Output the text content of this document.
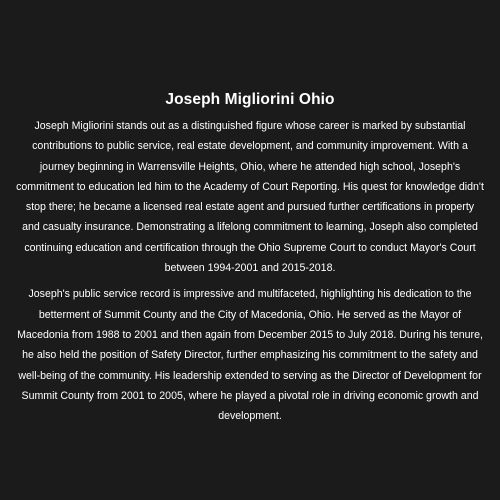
Joseph Migliorini Ohio

Joseph Migliorini stands out as a distinguished figure whose career is marked by substantial contributions to public service, real estate development, and community improvement. With a journey beginning in Warrensville Heights, Ohio, where he attended high school, Joseph's commitment to education led him to the Academy of Court Reporting. His quest for knowledge didn't stop there; he became a licensed real estate agent and pursued further certifications in property and casualty insurance. Demonstrating a lifelong commitment to learning, Joseph also completed continuing education and certification through the Ohio Supreme Court to conduct Mayor's Court between 1994-2001 and 2015-2018.

Joseph's public service record is impressive and multifaceted, highlighting his dedication to the betterment of Summit County and the City of Macedonia, Ohio. He served as the Mayor of Macedonia from 1988 to 2001 and then again from December 2015 to July 2018. During his tenure, he also held the position of Safety Director, further emphasizing his commitment to the safety and well-being of the community. His leadership extended to serving as the Director of Development for Summit County from 2001 to 2005, where he played a pivotal role in driving economic growth and development.
